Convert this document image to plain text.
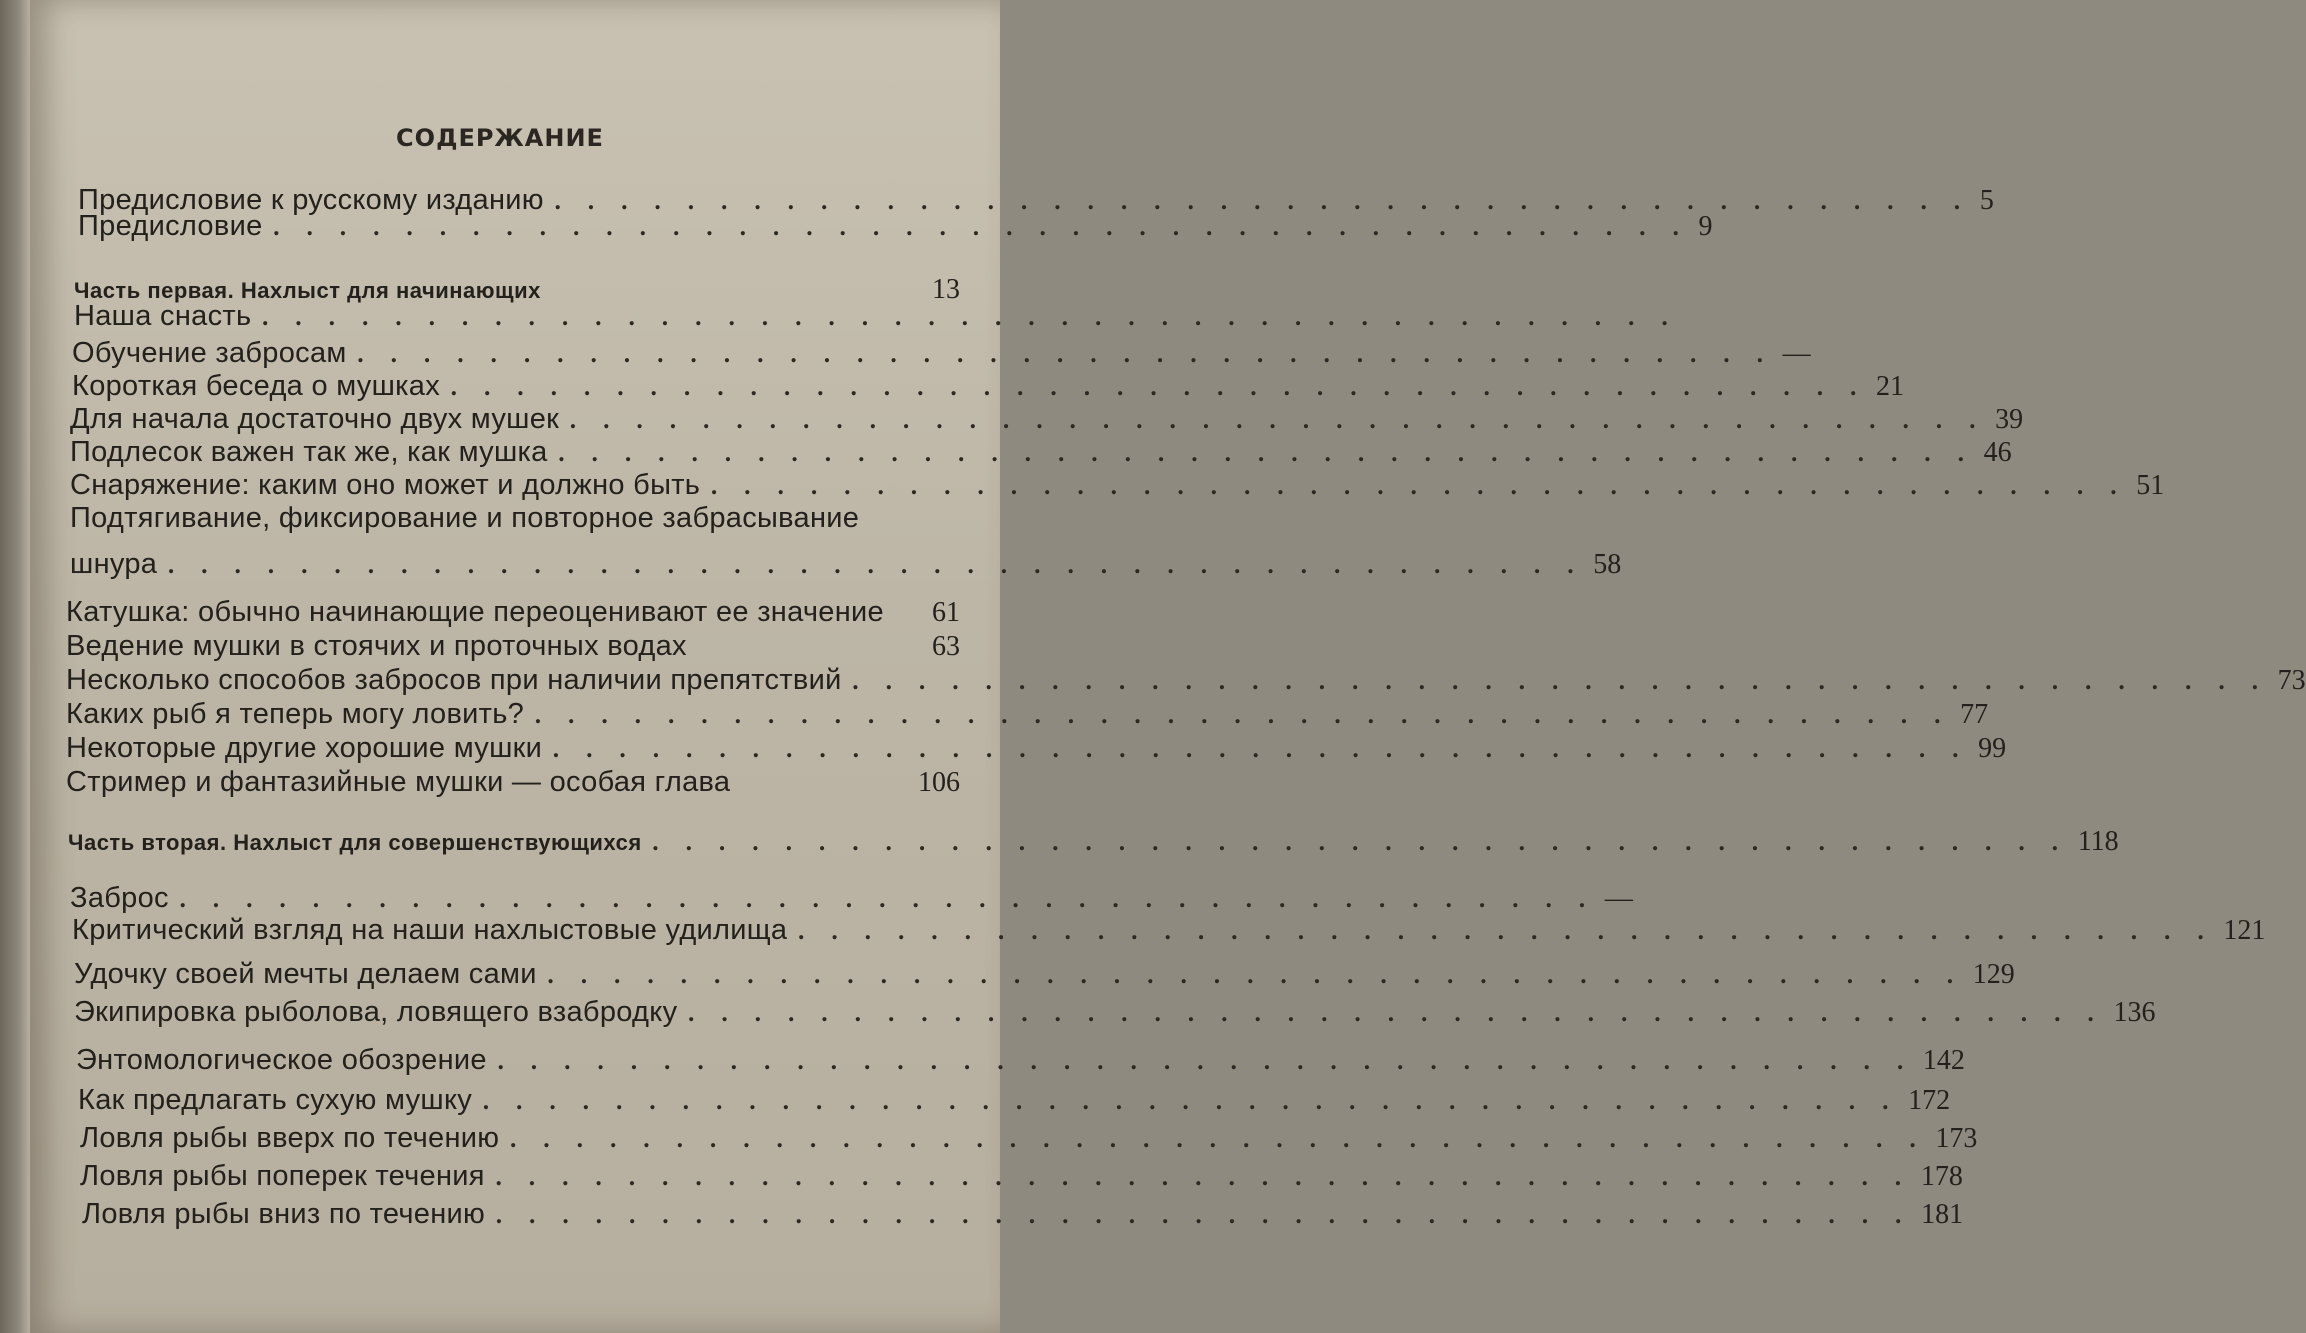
СОДЕРЖАНИЕ
Предисловие к русскому изданию . . . . . . . . . . . . . . . . . . . . . . . . . . . . . . . . . . . . . . . . . . . 5
Предисловие . . . . . . . . . . . . . . . . . . . . . . . . . . . . . . . . . . . . . . . . . . . 9
Часть первая. Нахлыст для начинающих	13
Наша снасть . . . . . . . . . . . . . . . . . . . . . . . . . . . . . . . . . . . . . . . . . . .
Обучение забросам . . . . . . . . . . . . . . . . . . . . . . . . . . . . . . . . . . . . . . . . . . . —
Короткая беседа о мушках . . . . . . . . . . . . . . . . . . . . . . . . . . . . . . . . . . . . . . . . . . . 21
Для начала достаточно двух мушек . . . . . . . . . . . . . . . . . . . . . . . . . . . . . . . . . . . . . . . . . . . 39
Подлесок важен так же, как мушка . . . . . . . . . . . . . . . . . . . . . . . . . . . . . . . . . . . . . . . . . . . 46
Снаряжение: каким оно может и должно быть . . . . . . . . . . . . . . . . . . . . . . . . . . . . . . . . . . . . . . . . . . . 51
Подтягивание, фиксирование и повторное забрасывание
шнура . . . . . . . . . . . . . . . . . . . . . . . . . . . . . . . . . . . . . . . . . . . 58
Катушка: обычно начинающие переоценивают ее значение 61
Ведение мушки в стоячих и проточных водах	63
Несколько способов забросов при наличии препятствий . . . . . . . . . . . . . . . . . . . . . . . . . . . . . . . . . . . . . . . . . . . 73
Каких рыб я теперь могу ловить? . . . . . . . . . . . . . . . . . . . . . . . . . . . . . . . . . . . . . . . . . . . 77
Некоторые другие хорошие мушки . . . . . . . . . . . . . . . . . . . . . . . . . . . . . . . . . . . . . . . . . . . 99
Стример и фантазийные мушки — особая глава	106
Часть вторая. Нахлыст для совершенствующихся . . . . . . . . . . . . . . . . . . . . . . . . . . . . . . . . . . . . . . . . . . . 118
Заброс . . . . . . . . . . . . . . . . . . . . . . . . . . . . . . . . . . . . . . . . . . . —
Критический взгляд на наши нахлыстовые удилища . . . . . . . . . . . . . . . . . . . . . . . . . . . . . . . . . . . . . . . . . . . 121
Удочку своей мечты делаем сами . . . . . . . . . . . . . . . . . . . . . . . . . . . . . . . . . . . . . . . . . . . 129
Экипировка рыболова, ловящего взабродку . . . . . . . . . . . . . . . . . . . . . . . . . . . . . . . . . . . . . . . . . . . 136
Энтомологическое обозрение . . . . . . . . . . . . . . . . . . . . . . . . . . . . . . . . . . . . . . . . . . . 142
Как предлагать сухую мушку . . . . . . . . . . . . . . . . . . . . . . . . . . . . . . . . . . . . . . . . . . . 172
Ловля рыбы вверх по течению . . . . . . . . . . . . . . . . . . . . . . . . . . . . . . . . . . . . . . . . . . . 173
Ловля рыбы поперек течения . . . . . . . . . . . . . . . . . . . . . . . . . . . . . . . . . . . . . . . . . . . 178
Ловля рыбы вниз по течению . . . . . . . . . . . . . . . . . . . . . . . . . . . . . . . . . . . . . . . . . . . 181
